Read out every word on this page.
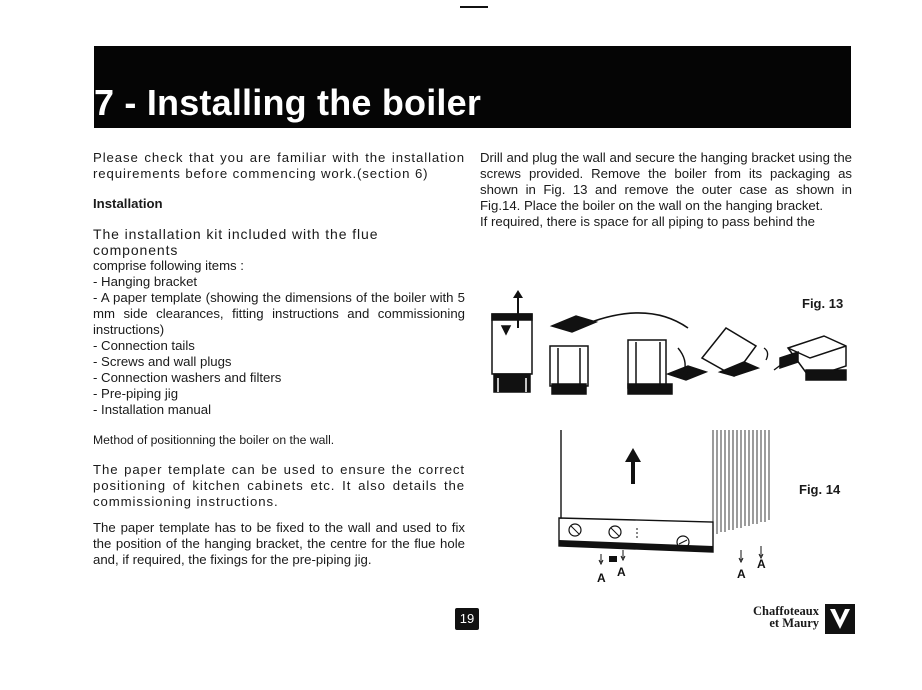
7 - Installing the boiler

Please check that you are familiar with the installation requirements before commencing work.(section 6)

Installation

The installation kit included with the flue components

comprise following items :

- Hanging bracket
- A paper template (showing the dimensions of the boiler with 5 mm side clearances, fitting instructions and commissioning instructions)
- Connection tails
- Screws and wall plugs
- Connection washers and filters
- Pre-piping jig
- Installation manual

Method of positionning the boiler on the wall.

The paper template can be used to ensure the correct positioning of kitchen cabinets etc. It also details the commissioning instructions.

The paper template has to be fixed to the wall and used to fix the position of the hanging bracket, the centre for the flue hole and, if required, the fixings for the pre-piping jig.

Drill and plug the wall and secure the hanging bracket using the screws provided. Remove the boiler from its packaging as shown in Fig. 13 and remove the outer case as shown in Fig.14. Place the boiler on the wall on the hanging bracket.

If required, there is space for all piping to pass behind the

Fig. 13
Fig. 14
A A	A
A
19	Chaffoteaux
et Maury
